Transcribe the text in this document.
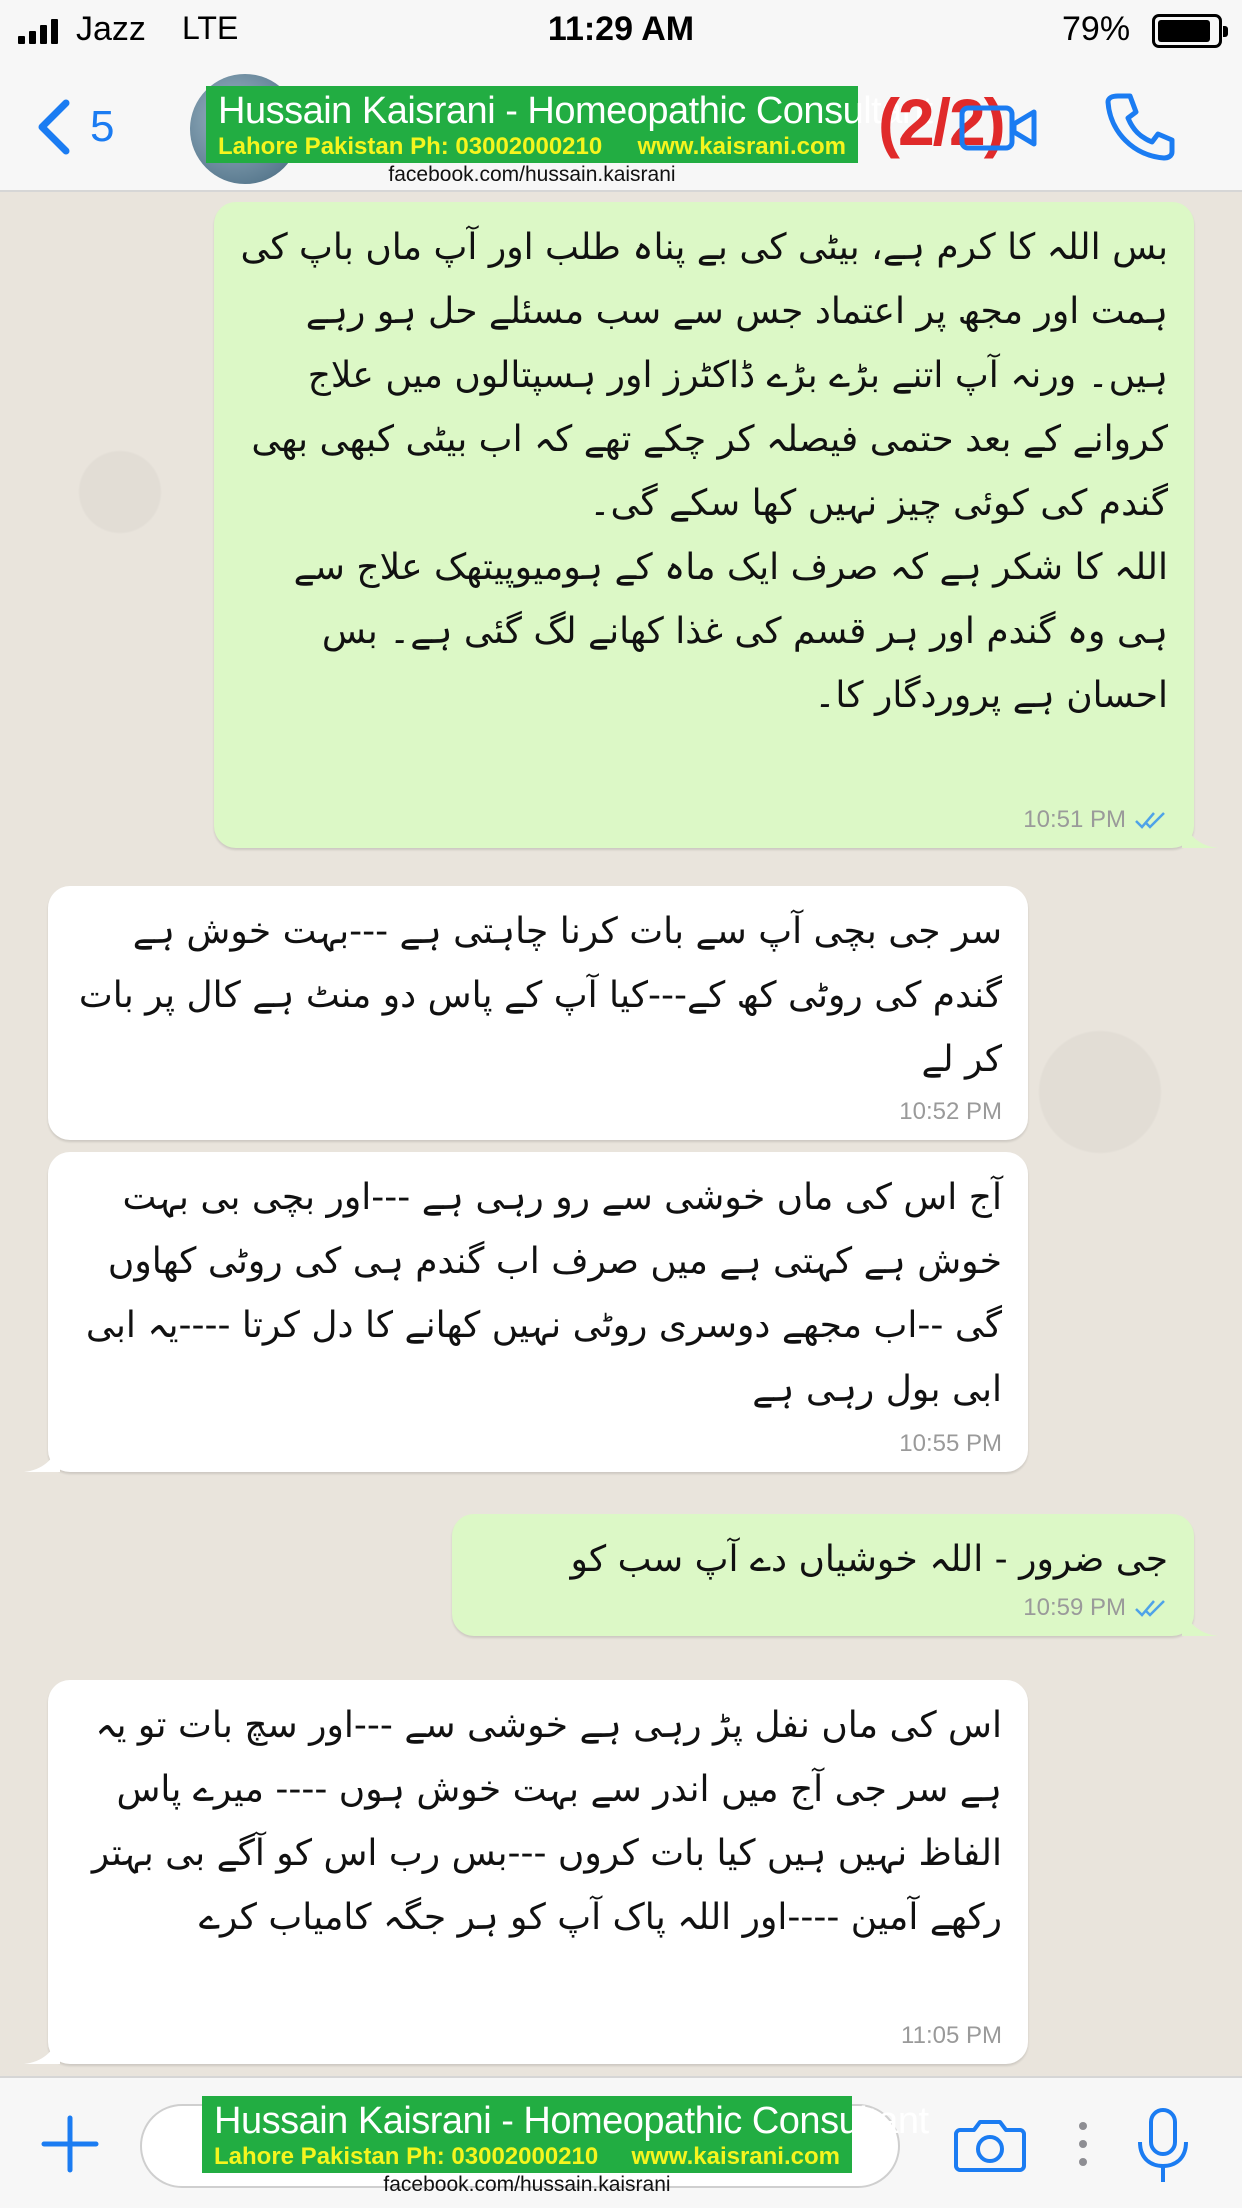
Jazz LTE	11:29 AM	79%
5	Hussain Kaisrani - Homeopathic Consultant
Lahore Pakistan Ph: 03002000210 www.kaisrani.com
facebook.com/hussain.kaisrani
(2/2)
بس اللہ کا کرم ہے، بیٹی کی بے پناہ طلب اور آپ ماں باپ کی ہمت اور مجھ پر اعتماد جس سے سب مسئلے حل ہو رہے ہیں۔ ورنہ آپ اتنے بڑے بڑے ڈاکٹرز اور ہسپتالوں میں علاج کروانے کے بعد حتمی فیصلہ کر چکے تھے کہ اب بیٹی کبھی بھی گندم کی کوئی چیز نہیں کھا سکے گی۔
اللہ کا شکر ہے کہ صرف ایک ماہ کے ہومیوپیتھک علاج سے ہی وہ گندم اور ہر قسم کی غذا کھانے لگ گئی ہے۔ بس احسان ہے پروردگار کا۔
10:51 PM
سر جی بچی آپ سے بات کرنا چاہتی ہے ---بہت خوش ہے گندم کی روٹی کھ کے---کیا آپ کے پاس دو منٹ ہے کال پر بات کر لے
10:52 PM
آج اس کی ماں خوشی سے رو رہی ہے ---اور بچی بی بہت خوش ہے کہتی ہے میں صرف اب گندم ہی کی روٹی کھاوں گی --اب مجھے دوسری روٹی نہیں کھانے کا دل کرتا ----یہ ابی ابی بول رہی ہے
10:55 PM
جی ضرور - اللہ خوشیاں دے آپ سب کو
10:59 PM
اس کی ماں نفل پڑ رہی ہے خوشی سے ---اور سچ بات تو یہ ہے سر جی آج میں اندر سے بہت خوش ہوں ---- میرے پاس الفاظ نہیں ہیں کیا بات کروں ---بس رب اس کو آگے بی بہتر رکھے آمین ----اور اللہ پاک آپ کو ہر جگہ کامیاب کرے
11:05 PM
Hussain Kaisrani - Homeopathic Consultant
Lahore Pakistan Ph: 03002000210 www.kaisrani.com
facebook.com/hussain.kaisrani
